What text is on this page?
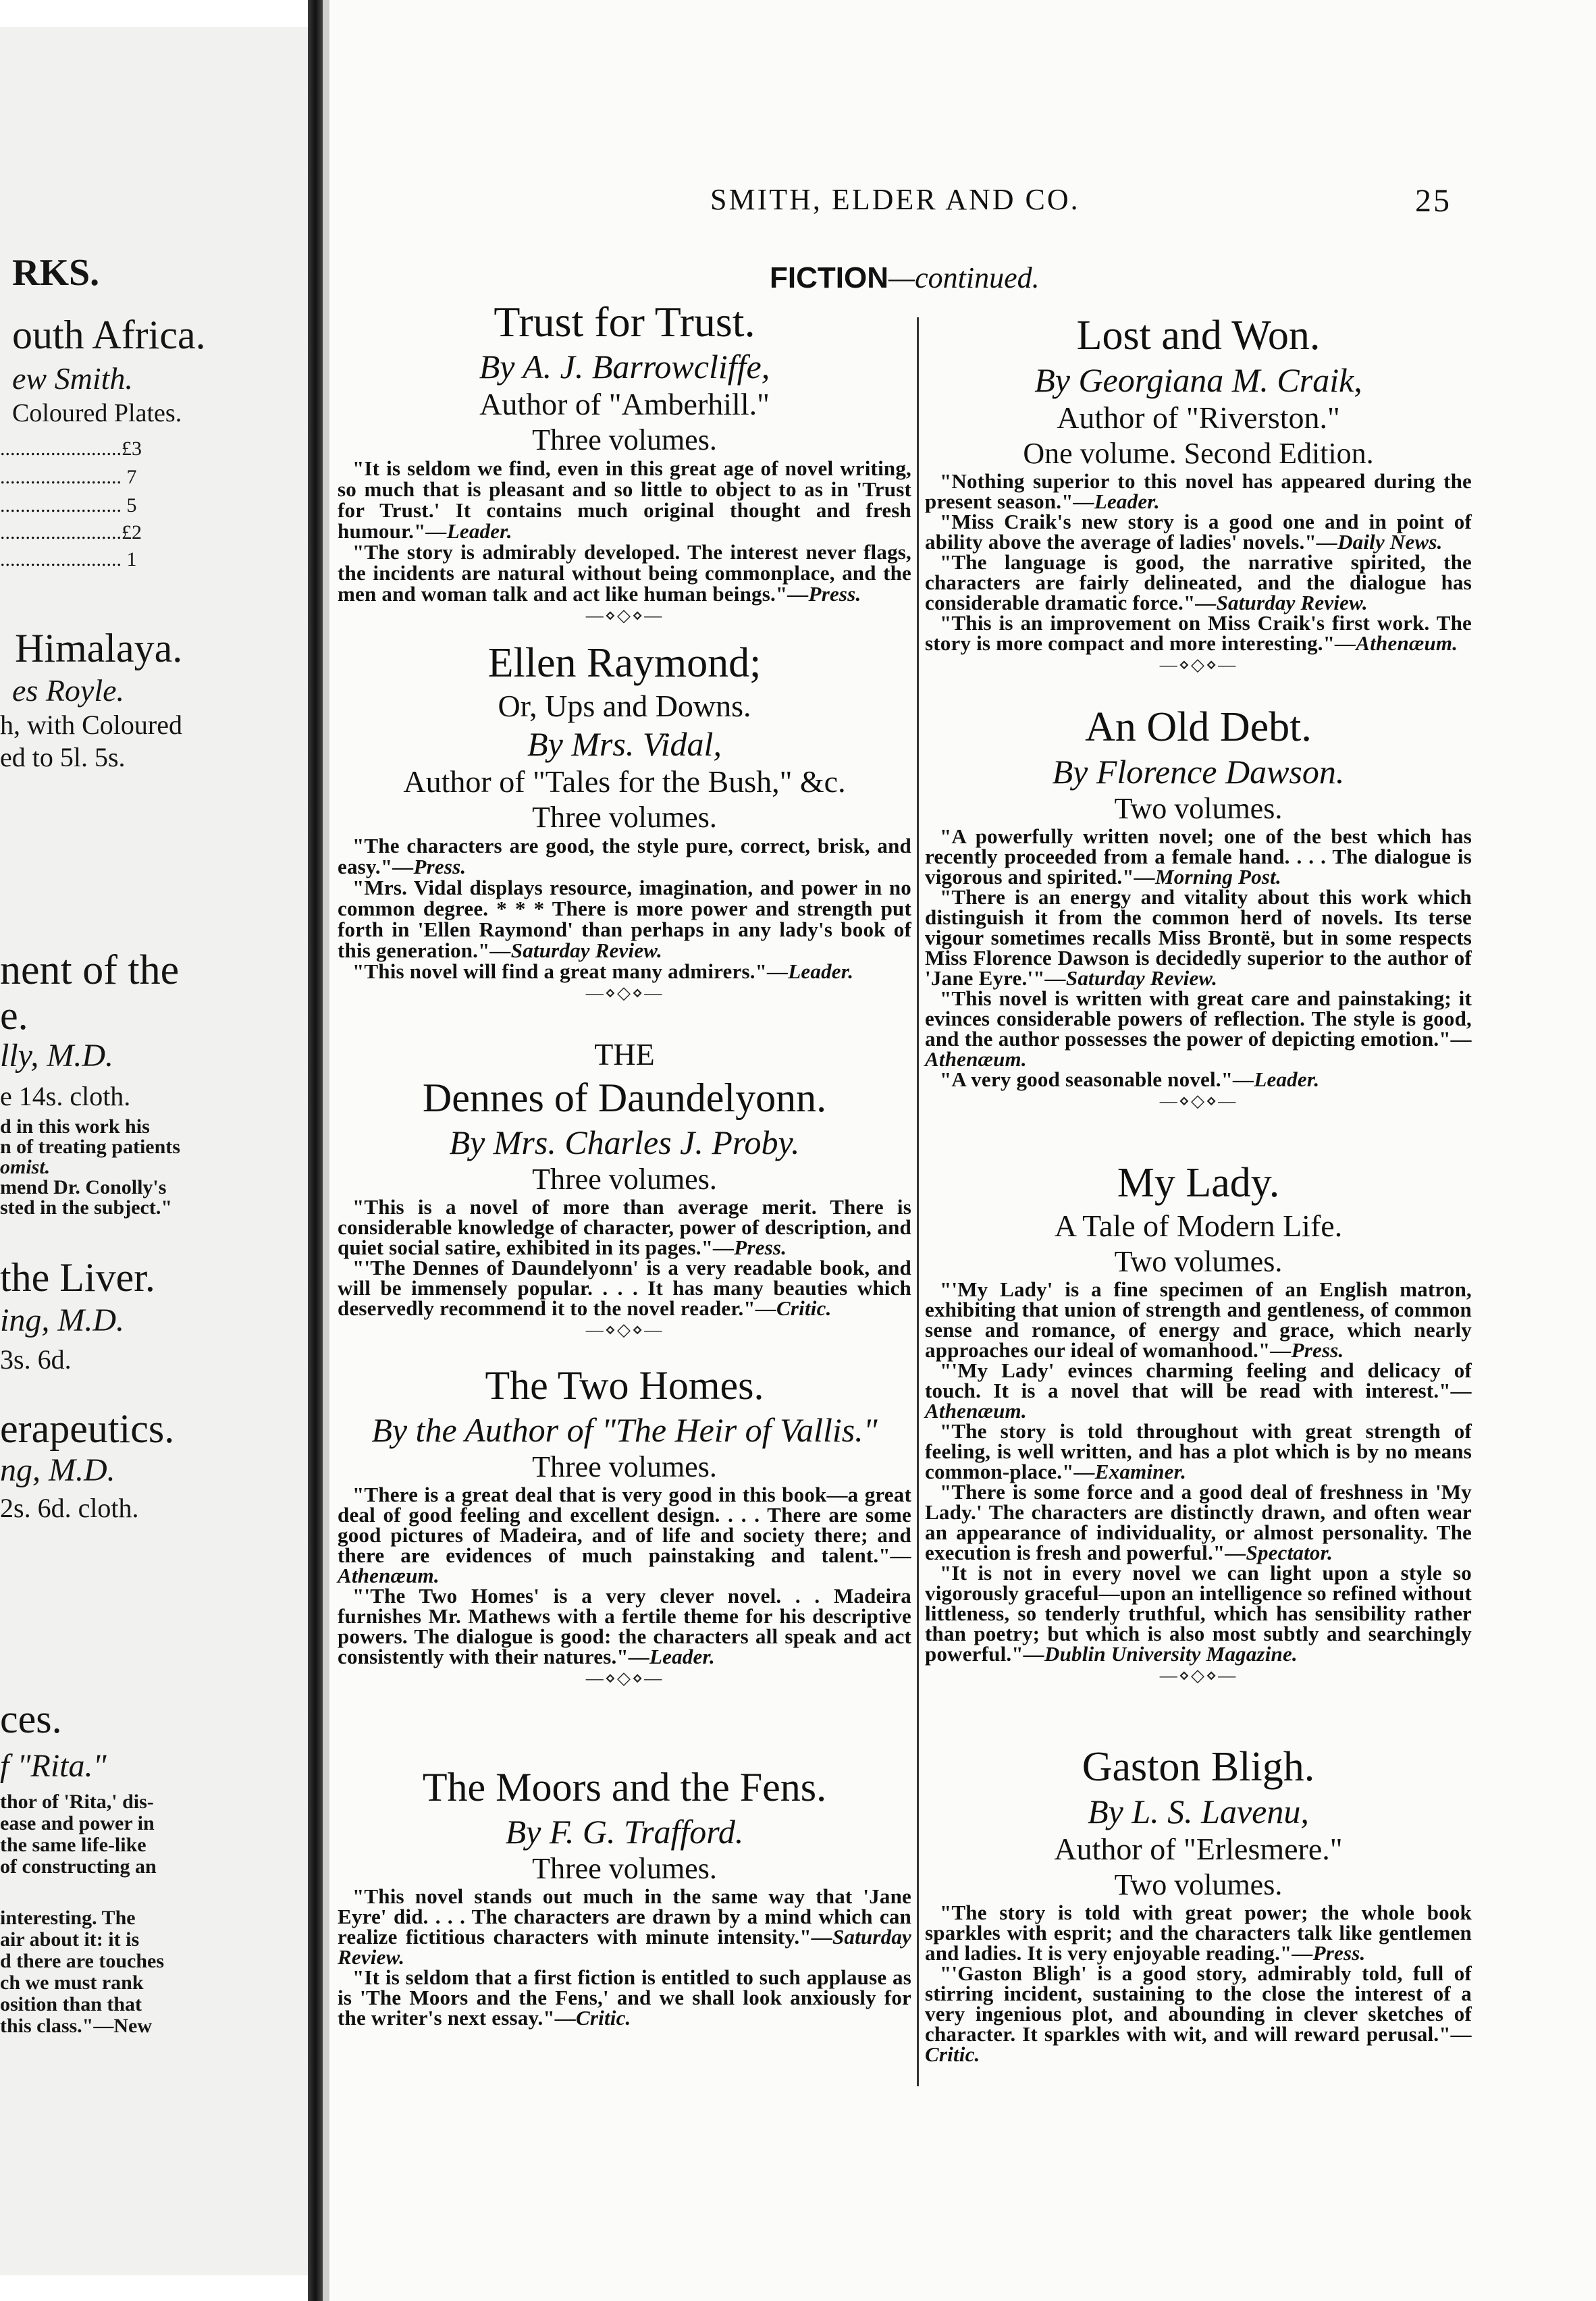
RKS.
outh Africa.
ew Smith.
Coloured Plates.
........................£3
........................ 7
........................ 5
........................£2
........................ 1
Himalaya.
es Royle.
h, with Coloured
ed to 5l. 5s.
nent of the
e.
lly, M.D.
e 14s. cloth.
d in this work his
n of treating patients
omist.
mend Dr. Conolly's
sted in the subject."
the Liver.
ing, M.D.
3s. 6d.
erapeutics.
ng, M.D.
2s. 6d. cloth.
ces.
f "Rita."
thor of 'Rita,' dis-
ease and power in
the same life-like
of constructing an
interesting. The
air about it: it is
d there are touches
ch we must rank
osition than that
this class."—New
SMITH, ELDER AND CO.	25
FICTION—continued.
Trust for Trust.
By A. J. Barrowcliffe,
Author of "Amberhill."
Three volumes.

"It is seldom we find, even in this great age of novel writing, so much that is pleasant and so little to object to as in 'Trust for Trust.' It contains much original thought and fresh humour."—Leader.

"The story is admirably developed. The interest never flags, the incidents are natural without being commonplace, and the men and woman talk and act like human beings."—Press.

—⋄◇⋄—
Ellen Raymond;
Or, Ups and Downs.
By Mrs. Vidal,
Author of "Tales for the Bush," &c.
Three volumes.

"The characters are good, the style pure, correct, brisk, and easy."—Press.

"Mrs. Vidal displays resource, imagination, and power in no common degree. * * * There is more power and strength put forth in 'Ellen Raymond' than perhaps in any lady's book of this generation."—Saturday Review.

"This novel will find a great many admirers."—Leader.

—⋄◇⋄—
THE
Dennes of Daundelyonn.
By Mrs. Charles J. Proby.
Three volumes.

"This is a novel of more than average merit. There is considerable knowledge of character, power of description, and quiet social satire, exhibited in its pages."—Press.

"'The Dennes of Daundelyonn' is a very readable book, and will be immensely popular. . . . It has many beauties which deservedly recommend it to the novel reader."—Critic.

—⋄◇⋄—
The Two Homes.
By the Author of "The Heir of Vallis."
Three volumes.

"There is a great deal that is very good in this book—a great deal of good feeling and excellent design. . . . There are some good pictures of Madeira, and of life and society there; and there are evidences of much painstaking and talent."—Athenæum.

"'The Two Homes' is a very clever novel. . . Madeira furnishes Mr. Mathews with a fertile theme for his descriptive powers. The dialogue is good: the characters all speak and act consistently with their natures."—Leader.

—⋄◇⋄—
The Moors and the Fens.
By F. G. Trafford.
Three volumes.

"This novel stands out much in the same way that 'Jane Eyre' did. . . . The characters are drawn by a mind which can realize fictitious characters with minute intensity."—Saturday Review.

"It is seldom that a first fiction is entitled to such applause as is 'The Moors and the Fens,' and we shall look anxiously for the writer's next essay."—Critic.

Lost and Won.
By Georgiana M. Craik,
Author of "Riverston."
One volume. Second Edition.

"Nothing superior to this novel has appeared during the present season."—Leader.

"Miss Craik's new story is a good one and in point of ability above the average of ladies' novels."—Daily News.

"The language is good, the narrative spirited, the characters are fairly delineated, and the dialogue has considerable dramatic force."—Saturday Review.

"This is an improvement on Miss Craik's first work. The story is more compact and more interesting."—Athenæum.

—⋄◇⋄—
An Old Debt.
By Florence Dawson.
Two volumes.

"A powerfully written novel; one of the best which has recently proceeded from a female hand. . . . The dialogue is vigorous and spirited."—Morning Post.

"There is an energy and vitality about this work which distinguish it from the common herd of novels. Its terse vigour sometimes recalls Miss Brontë, but in some respects Miss Florence Dawson is decidedly superior to the author of 'Jane Eyre.'"—Saturday Review.

"This novel is written with great care and painstaking; it evinces considerable powers of reflection. The style is good, and the author possesses the power of depicting emotion."—Athenæum.

"A very good seasonable novel."—Leader.

—⋄◇⋄—
My Lady.
A Tale of Modern Life.
Two volumes.

"'My Lady' is a fine specimen of an English matron, exhibiting that union of strength and gentleness, of common sense and romance, of energy and grace, which nearly approaches our ideal of womanhood."—Press.

"'My Lady' evinces charming feeling and delicacy of touch. It is a novel that will be read with interest."—Athenæum.

"The story is told throughout with great strength of feeling, is well written, and has a plot which is by no means common-place."—Examiner.

"There is some force and a good deal of freshness in 'My Lady.' The characters are distinctly drawn, and often wear an appearance of individuality, or almost personality. The execution is fresh and powerful."—Spectator.

"It is not in every novel we can light upon a style so vigorously graceful—upon an intelligence so refined without littleness, so tenderly truthful, which has sensibility rather than poetry; but which is also most subtly and searchingly powerful."—Dublin University Magazine.

—⋄◇⋄—
Gaston Bligh.
By L. S. Lavenu,
Author of "Erlesmere."
Two volumes.

"The story is told with great power; the whole book sparkles with esprit; and the characters talk like gentlemen and ladies. It is very enjoyable reading."—Press.

"'Gaston Bligh' is a good story, admirably told, full of stirring incident, sustaining to the close the interest of a very ingenious plot, and abounding in clever sketches of character. It sparkles with wit, and will reward perusal."—Critic.
